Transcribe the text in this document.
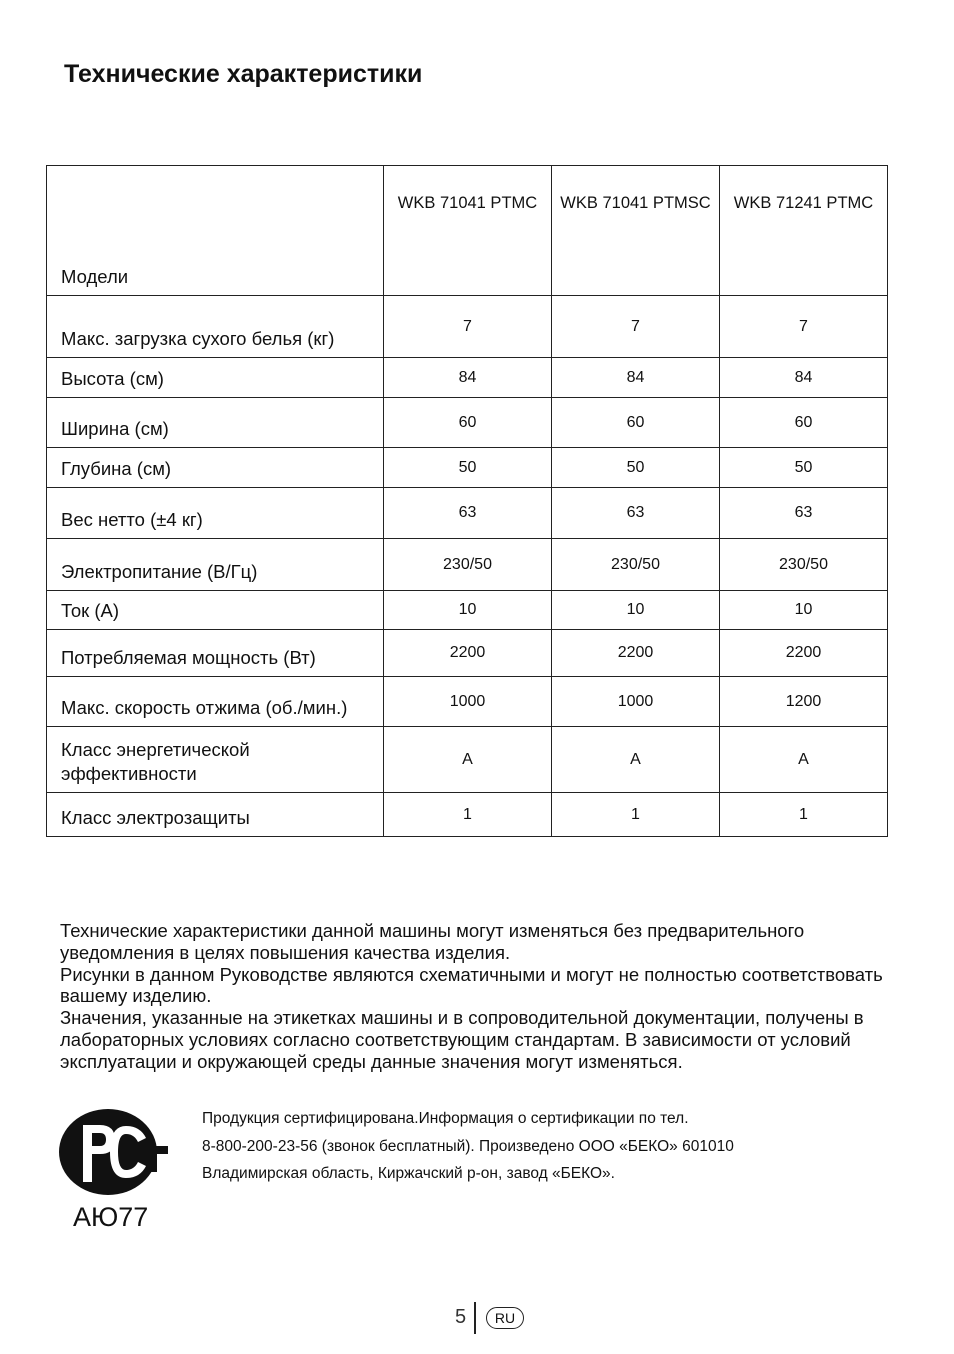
Технические характеристики
Модели	WKB 71041 PTMC	WKB 71041 PTMSC	WKB 71241 PTMC
Макс. загрузка сухого белья (кг)	7	7	7
Высота (см)	84	84	84
Ширина (см)	60	60	60
Глубина (см)	50	50	50
Вес нетто (±4 кг)	63	63	63
Электропитание (В/Гц)	230/50	230/50	230/50
Ток (A)	10	10	10
Потребляемая мощность (Вт)	2200	2200	2200
Макс. скорость отжима (об./мин.)	1000	1000	1200
Класс энергетической эффективности	A	A	A
Класс электрозащиты	1	1	1

Технические характеристики данной машины могут изменяться без предварительного уведомления в целях повышения качества изделия.

Рисунки в данном Руководстве являются схематичными и могут не полностью соответствовать вашему изделию.

Значения, указанные на этикетках машины и в сопроводительной документации, получены в лабораторных условиях согласно соответствующим стандартам. В зависимости от условий эксплуатации и окружающей среды данные значения могут изменяться.

АЮ77

Продукция сертифицирована.Информация о сертификации по тел.

8-800-200-23-56 (звонок бесплатный). Произведено ООО «БЕКО» 601010

Владимирская область, Киржачский р-он, завод «БЕКО».

5	RU
